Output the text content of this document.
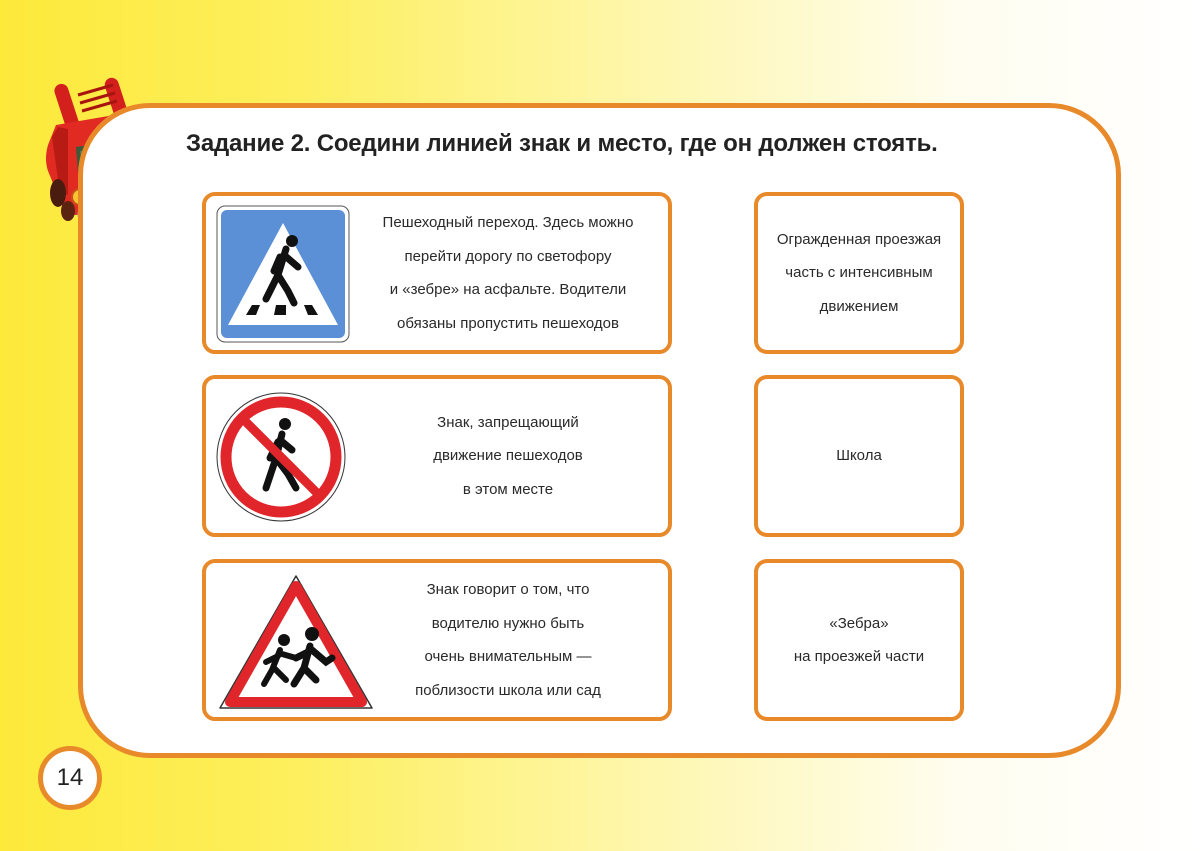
Задание 2. Соедини линией знак и место, где он должен стоять.
Пешеходный переход. Здесь можно
перейти дорогу по светофору
и «зебре» на асфальте. Водители
обязаны пропустить пешеходов
Огражденная проезжая
часть с интенсивным
движением
Знак, запрещающий
движение пешеходов
в этом месте
Школа
Знак говорит о том, что
водителю нужно быть
очень внимательным —
поблизости школа или сад
«Зебра»
на проезжей части
14
